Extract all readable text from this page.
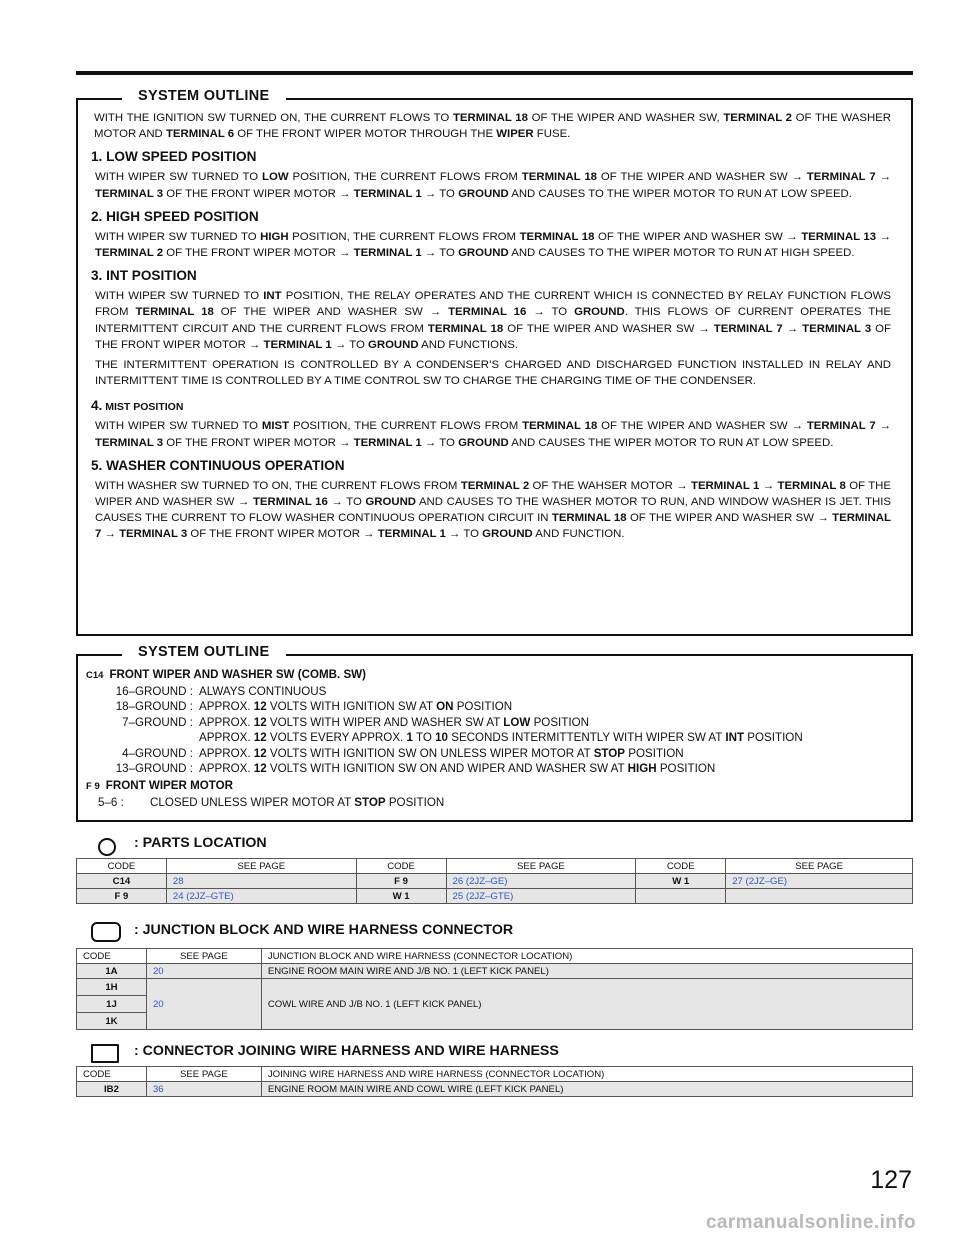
SYSTEM OUTLINE

WITH THE IGNITION SW TURNED ON, THE CURRENT FLOWS TO TERMINAL 18 OF THE WIPER AND WASHER SW, TERMINAL 2 OF THE WASHER MOTOR AND TERMINAL 6 OF THE FRONT WIPER MOTOR THROUGH THE WIPER FUSE.

1. LOW SPEED POSITION

WITH WIPER SW TURNED TO LOW POSITION, THE CURRENT FLOWS FROM TERMINAL 18 OF THE WIPER AND WASHER SW → TERMINAL 7 → TERMINAL 3 OF THE FRONT WIPER MOTOR → TERMINAL 1 → TO GROUND AND CAUSES TO THE WIPER MOTOR TO RUN AT LOW SPEED.

2. HIGH SPEED POSITION

WITH WIPER SW TURNED TO HIGH POSITION, THE CURRENT FLOWS FROM TERMINAL 18 OF THE WIPER AND WASHER SW → TERMINAL 13 → TERMINAL 2 OF THE FRONT WIPER MOTOR → TERMINAL 1 → TO GROUND AND CAUSES TO THE WIPER MOTOR TO RUN AT HIGH SPEED.

3. INT POSITION

WITH WIPER SW TURNED TO INT POSITION, THE RELAY OPERATES AND THE CURRENT WHICH IS CONNECTED BY RELAY FUNCTION FLOWS FROM TERMINAL 18 OF THE WIPER AND WASHER SW → TERMINAL 16 → TO GROUND. THIS FLOWS OF CURRENT OPERATES THE INTERMITTENT CIRCUIT AND THE CURRENT FLOWS FROM TERMINAL 18 OF THE WIPER AND WASHER SW → TERMINAL 7 → TERMINAL 3 OF THE FRONT WIPER MOTOR → TERMINAL 1 → TO GROUND AND FUNCTIONS.

THE INTERMITTENT OPERATION IS CONTROLLED BY A CONDENSER’S CHARGED AND DISCHARGED FUNCTION INSTALLED IN RELAY AND INTERMITTENT TIME IS CONTROLLED BY A TIME CONTROL SW TO CHARGE THE CHARGING TIME OF THE CONDENSER.

4. MIST POSITION

WITH WIPER SW TURNED TO MIST POSITION, THE CURRENT FLOWS FROM TERMINAL 18 OF THE WIPER AND WASHER SW → TERMINAL 7 → TERMINAL 3 OF THE FRONT WIPER MOTOR → TERMINAL 1 → TO GROUND AND CAUSES THE WIPER MOTOR TO RUN AT LOW SPEED.

5. WASHER CONTINUOUS OPERATION

WITH WASHER SW TURNED TO ON, THE CURRENT FLOWS FROM TERMINAL 2 OF THE WAHSER MOTOR → TERMINAL 1 → TERMINAL 8 OF THE WIPER AND WASHER SW → TERMINAL 16 → TO GROUND AND CAUSES TO THE WASHER MOTOR TO RUN, AND WINDOW WASHER IS JET. THIS CAUSES THE CURRENT TO FLOW WASHER CONTINUOUS OPERATION CIRCUIT IN TERMINAL 18 OF THE WIPER AND WASHER SW → TERMINAL 7 → TERMINAL 3 OF THE FRONT WIPER MOTOR → TERMINAL 1 → TO GROUND AND FUNCTION.

SYSTEM OUTLINE
C14 FRONT WIPER AND WASHER SW (COMB. SW)
16–GROUND : ALWAYS CONTINUOUS
18–GROUND : APPROX. 12 VOLTS WITH IGNITION SW AT ON POSITION
7–GROUND : APPROX. 12 VOLTS WITH WIPER AND WASHER SW AT LOW POSITION
APPROX. 12 VOLTS EVERY APPROX. 1 TO 10 SECONDS INTERMITTENTLY WITH WIPER SW AT INT POSITION
4–GROUND : APPROX. 12 VOLTS WITH IGNITION SW ON UNLESS WIPER MOTOR AT STOP POSITION
13–GROUND : APPROX. 12 VOLTS WITH IGNITION SW ON AND WIPER AND WASHER SW AT HIGH POSITION
F 9 FRONT WIPER MOTOR
5–6 :	CLOSED UNLESS WIPER MOTOR AT STOP POSITION
: PARTS LOCATION
CODE	SEE PAGE	CODE	SEE PAGE	CODE	SEE PAGE
C14	28	F 9	26 (2JZ–GE)	W 1	27 (2JZ–GE)
F 9	24 (2JZ–GTE)	W 1	25 (2JZ–GTE)		
: JUNCTION BLOCK AND WIRE HARNESS CONNECTOR
CODE	SEE PAGE	JUNCTION BLOCK AND WIRE HARNESS (CONNECTOR LOCATION)
1A	20	ENGINE ROOM MAIN WIRE AND J/B NO. 1 (LEFT KICK PANEL)
1H	20	COWL WIRE AND J/B NO. 1 (LEFT KICK PANEL)
1J		
1K		
: CONNECTOR JOINING WIRE HARNESS AND WIRE HARNESS
CODE	SEE PAGE	JOINING WIRE HARNESS AND WIRE HARNESS (CONNECTOR LOCATION)
IB2	36	ENGINE ROOM MAIN WIRE AND COWL WIRE (LEFT KICK PANEL)
127
carmanualsonline.info
